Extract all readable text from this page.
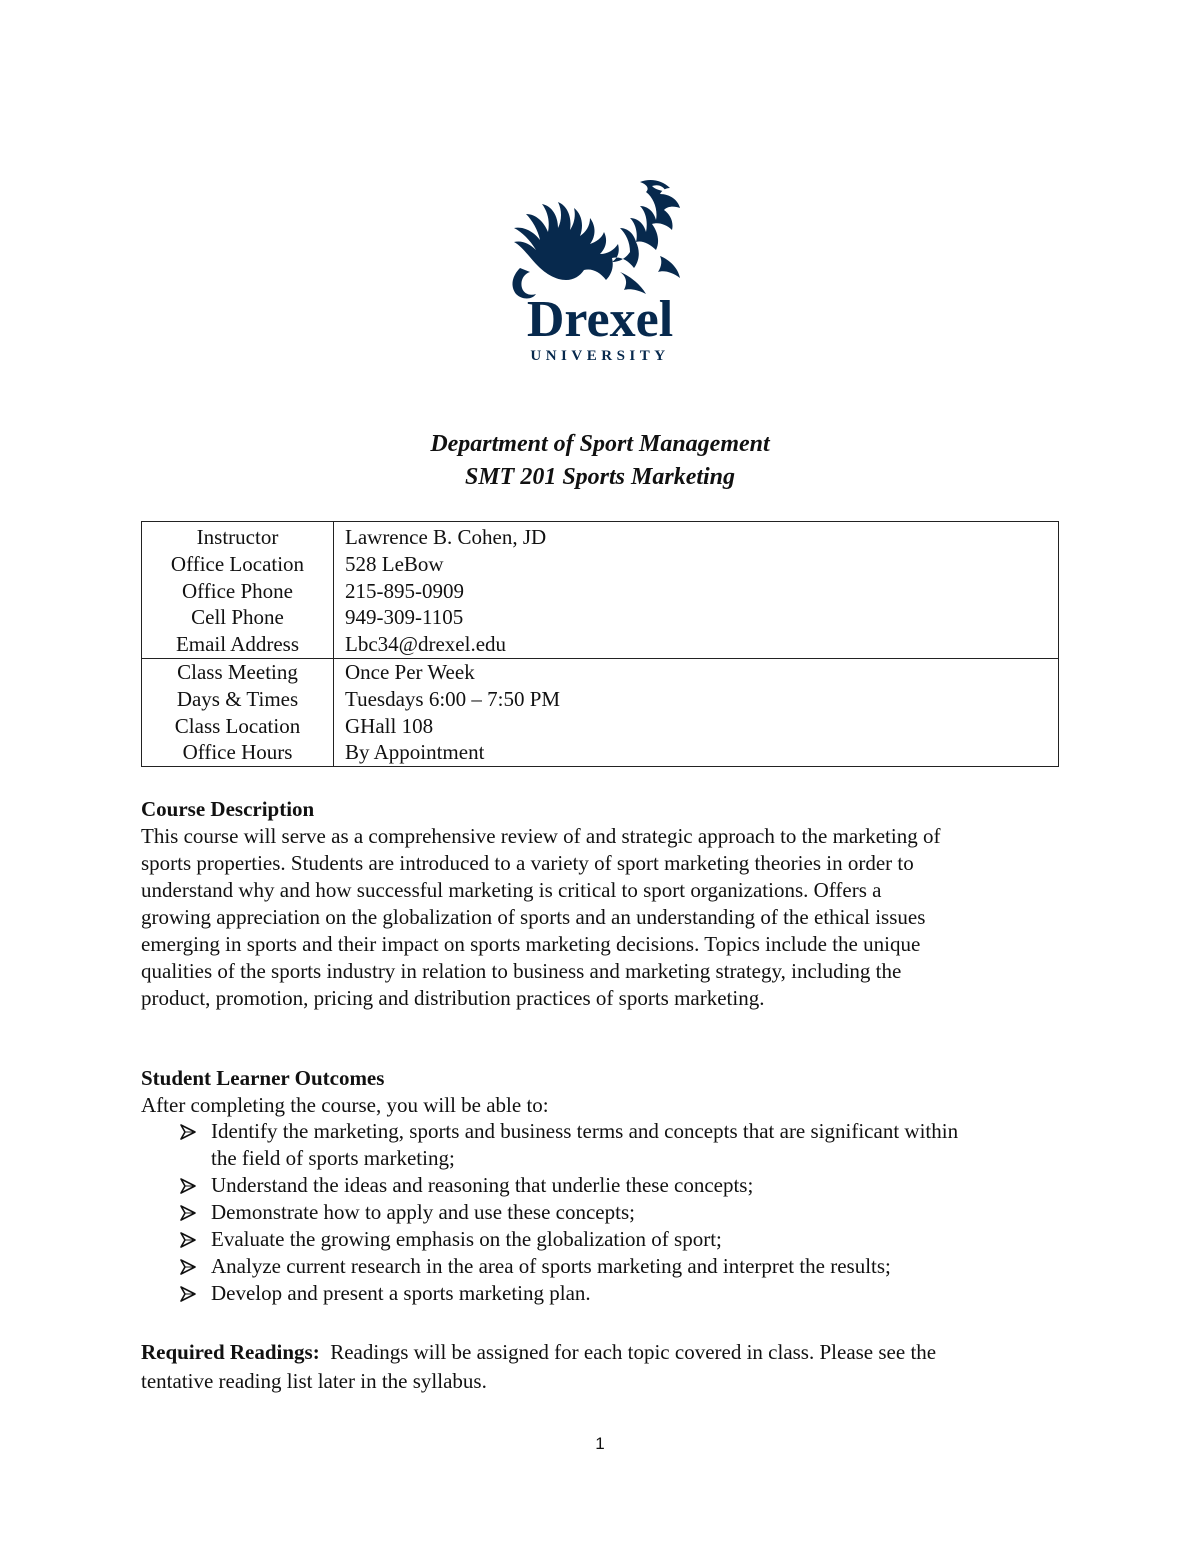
Drexel
UNIVERSITY
Department of Sport Management
SMT 201 Sports Marketing
Instructor	Lawrence B. Cohen, JD
Office Location	528 LeBow
Office Phone	215-895-0909
Cell Phone	949-309-1105
Email Address	Lbc34@drexel.edu
Class Meeting	Once Per Week
Days & Times	Tuesdays 6:00 – 7:50 PM
Class Location	GHall 108
Office Hours	By Appointment
Course Description

This course will serve as a comprehensive review of and strategic approach to the marketing of

sports properties. Students are introduced to a variety of sport marketing theories in order to

understand why and how successful marketing is critical to sport organizations. Offers a

growing appreciation on the globalization of sports and an understanding of the ethical issues

emerging in sports and their impact on sports marketing decisions. Topics include the unique

qualities of the sports industry in relation to business and marketing strategy, including the

product, promotion, pricing and distribution practices of sports marketing.

Student Learner Outcomes
After completing the course, you will be able to:
Identify the marketing, sports and business terms and concepts that are significant within
the field of sports marketing;
Understand the ideas and reasoning that underlie these concepts;
Demonstrate how to apply and use these concepts;
Evaluate the growing emphasis on the globalization of sport;
Analyze current research in the area of sports marketing and interpret the results;
Develop and present a sports marketing plan.
Required Readings: Readings will be assigned for each topic covered in class. Please see the
tentative reading list later in the syllabus.
1
